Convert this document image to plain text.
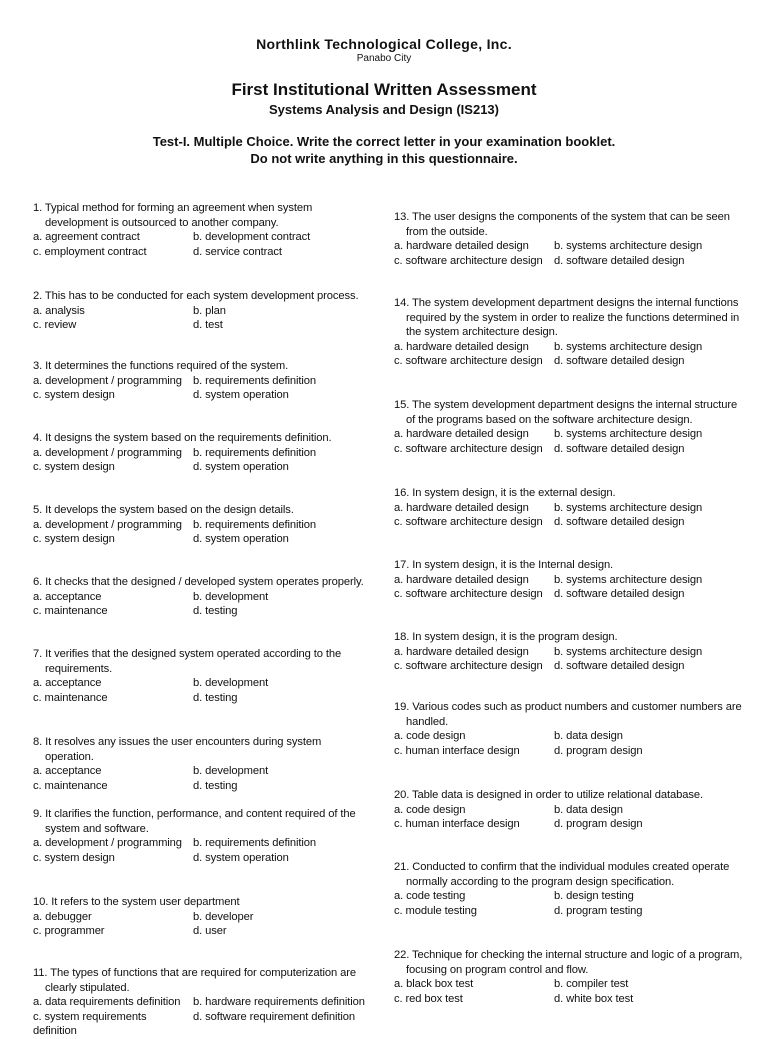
Northlink Technological College, Inc.
Panabo City
First Institutional Written Assessment
Systems Analysis and Design (IS213)
Test-I. Multiple Choice. Write the correct letter in your examination booklet.
Do not write anything in this questionnaire.
1. Typical method for forming an agreement when system development is outsourced to another company.
a. agreement contract	b. development contract
c. employment contract	d. service contract
2. This has to be conducted for each system development process.
a. analysis	b. plan
c. review	d. test
3. It determines the functions required of the system.
a. development / programming b. requirements definition
c. system design	d. system operation
4. It designs the system based on the requirements definition.
a. development / programming b. requirements definition
c. system design	d. system operation
5. It develops the system based on the design details.
a. development / programming b. requirements definition
c. system design	d. system operation
6. It checks that the designed / developed system operates properly.
a. acceptance	b. development
c. maintenance	d. testing
7. It verifies that the designed system operated according to the requirements.
a. acceptance	b. development
c. maintenance	d. testing
8. It resolves any issues the user encounters during system operation.
a. acceptance	b. development
c. maintenance	d. testing
9. It clarifies the function, performance, and content required of the system and software.
a. development / programming b. requirements definition
c. system design	d. system operation
10. It refers to the system user department
a. debugger	b. developer
c. programmer	d. user
11. The types of functions that are required for computerization are clearly stipulated.
a. data requirements definition	b. hardware requirements definition
c. system requirements definition
d. software requirement definition
13. The user designs the components of the system that can be seen from the outside.
a. hardware detailed design	b. systems architecture design
c. software architecture design	d. software detailed design
14. The system development department designs the internal functions required by the system in order to realize the functions determined in the system architecture design.
a. hardware detailed design	b. systems architecture design
c. software architecture design	d. software detailed design
15. The system development department designs the internal structure of the programs based on the software architecture design.
a. hardware detailed design	b. systems architecture design
c. software architecture design	d. software detailed design
16. In system design, it is the external design.
a. hardware detailed design	b. systems architecture design
c. software architecture design	d. software detailed design
17. In system design, it is the Internal design.
a. hardware detailed design	b. systems architecture design
c. software architecture design	d. software detailed design
18. In system design, it is the program design.
a. hardware detailed design	b. systems architecture design
c. software architecture design	d. software detailed design
19. Various codes such as product numbers and customer numbers are handled.
a. code design	b. data design
c. human interface design	d. program design
20. Table data is designed in order to utilize relational database.
a. code design	b. data design
c. human interface design	d. program design
21. Conducted to confirm that the individual modules created operate normally according to the program design specification.
a. code testing	b. design testing
c. module testing	d. program testing
22. Technique for checking the internal structure and logic of a program, focusing on program control and flow.
a. black box test	b. compiler test
c. red box test	d. white box test
